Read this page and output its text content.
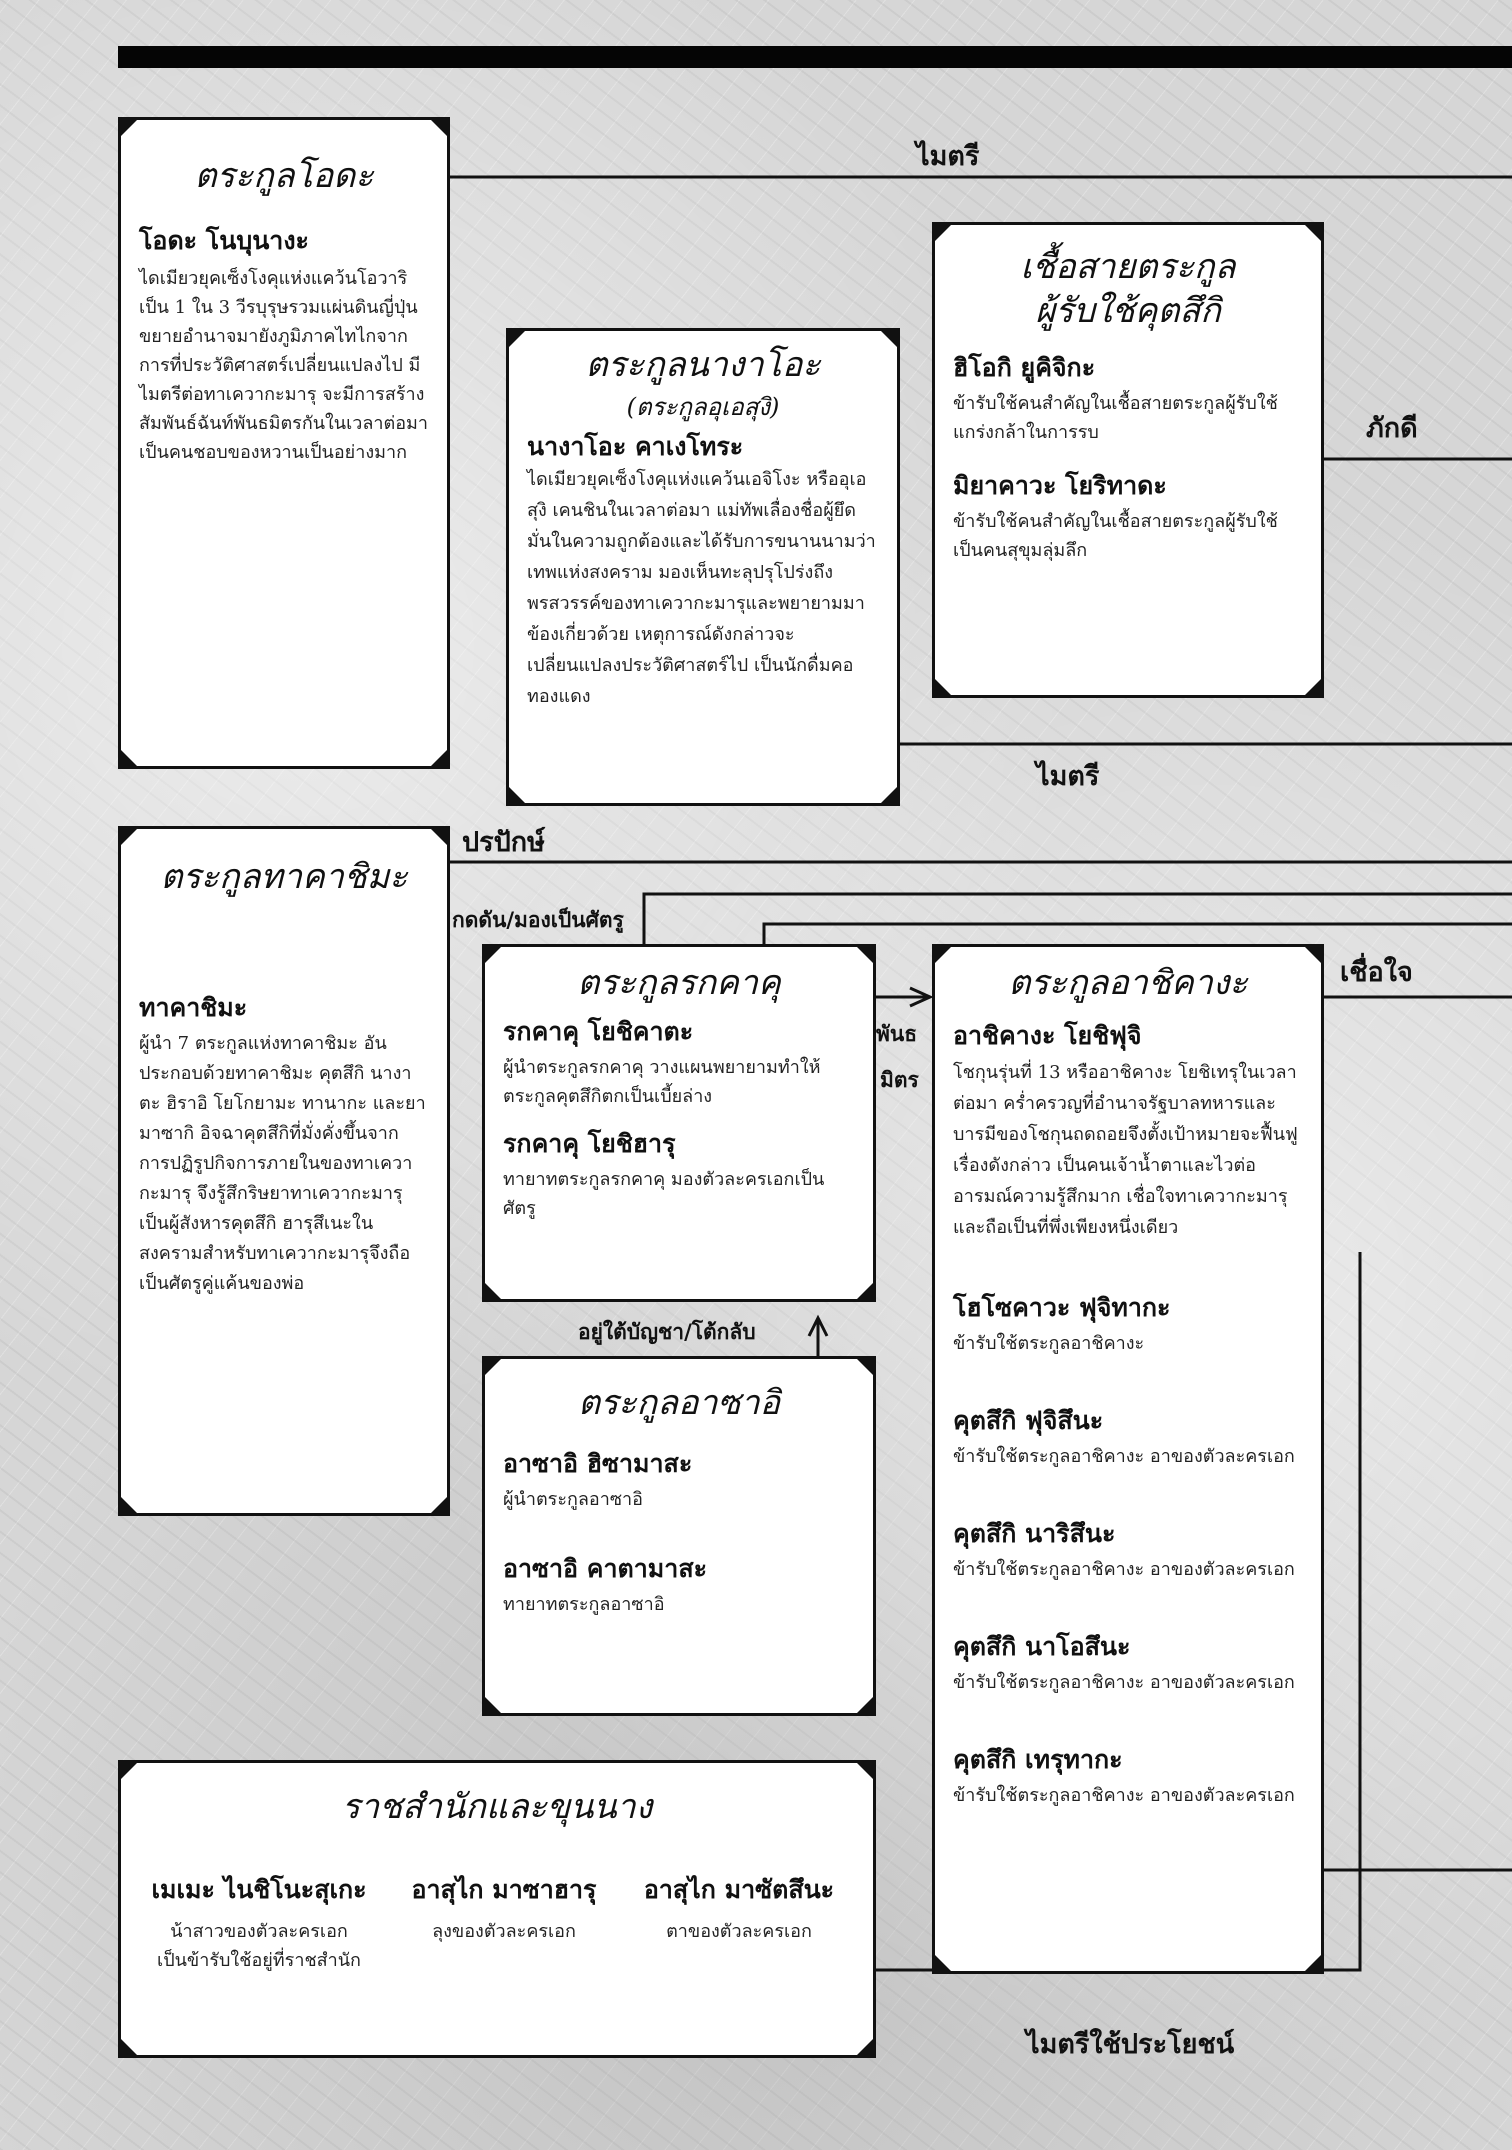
ตระกูลโอดะ

โอดะ โนบุนางะ

ไดเมียวยุคเซ็งโงคุแห่งแคว้นโอวาริ เป็น 1 ใน 3 วีรบุรุษรวมแผ่นดินญี่ปุ่น ขยายอำนาจมายังภูมิภาคไทไกจากการที่ประวัติศาสตร์เปลี่ยนแปลงไป มีไมตรีต่อทาเควากะมารุ จะมีการสร้างสัมพันธ์ฉันท์พันธมิตรกันในเวลาต่อมา เป็นคนชอบของหวานเป็นอย่างมาก

ตระกูลนางาโอะ

(ตระกูลอุเอสุงิ)

นางาโอะ คาเงโทระ

ไดเมียวยุคเซ็งโงคุแห่งแคว้นเอจิโงะ หรืออุเอสุงิ เคนชินในเวลาต่อมา แม่ทัพเลื่องชื่อผู้ยึดมั่นในความถูกต้องและได้รับการขนานนามว่าเทพแห่งสงคราม มองเห็นทะลุปรุโปร่งถึงพรสวรรค์ของทาเควากะมารุและพยายามมาข้องเกี่ยวด้วย เหตุการณ์ดังกล่าวจะเปลี่ยนแปลงประวัติศาสตร์ไป เป็นนักดื่มคอทองแดง

เชื้อสายตระกูล

ผู้รับใช้คุตสึกิ

ฮิโอกิ ยูคิจิกะ

ข้ารับใช้คนสำคัญในเชื้อสายตระกูลผู้รับใช้ แกร่งกล้าในการรบ

มิยาคาวะ โยริทาดะ

ข้ารับใช้คนสำคัญในเชื้อสายตระกูลผู้รับใช้ เป็นคนสุขุมลุ่มลึก

ตระกูลทาคาชิมะ

ทาคาชิมะ

ผู้นำ 7 ตระกูลแห่งทาคาชิมะ อันประกอบด้วยทาคาชิมะ คุตสึกิ นางาตะ ฮิราอิ โยโกยามะ ทานากะ และยามาซากิ อิจฉาคุตสึกิที่มั่งคั่งขึ้นจากการปฏิรูปกิจการภายในของทาเควากะมารุ จึงรู้สึกริษยาทาเควากะมารุเป็นผู้สังหารคุตสึกิ ฮารุสึเนะในสงครามสำหรับทาเควากะมารุจึงถือเป็นศัตรูคู่แค้นของพ่อ

ตระกูลรกคาคุ

รกคาคุ โยชิคาตะ

ผู้นำตระกูลรกคาคุ วางแผนพยายามทำให้ตระกูลคุตสึกิตกเป็นเบี้ยล่าง

รกคาคุ โยชิฮารุ

ทายาทตระกูลรกคาคุ มองตัวละครเอกเป็นศัตรู

ตระกูลอาชิคางะ

อาชิคางะ โยชิฟุจิ

โชกุนรุ่นที่ 13 หรืออาชิคางะ โยชิเทรุในเวลาต่อมา คร่ำครวญที่อำนาจรัฐบาลทหารและบารมีของโชกุนถดถอยจึงตั้งเป้าหมายจะฟื้นฟูเรื่องดังกล่าว เป็นคนเจ้าน้ำตาและไวต่ออารมณ์ความรู้สึกมาก เชื่อใจทาเควากะมารุและถือเป็นที่พึ่งเพียงหนึ่งเดียว

โฮโซคาวะ ฟุจิทากะ

ข้ารับใช้ตระกูลอาชิคางะ

คุตสึกิ ฟุจิสึนะ

ข้ารับใช้ตระกูลอาชิคางะ อาของตัวละครเอก

คุตสึกิ นาริสึนะ

ข้ารับใช้ตระกูลอาชิคางะ อาของตัวละครเอก

คุตสึกิ นาโอสึนะ

ข้ารับใช้ตระกูลอาชิคางะ อาของตัวละครเอก

คุตสึกิ เทรุทากะ

ข้ารับใช้ตระกูลอาชิคางะ อาของตัวละครเอก

ตระกูลอาซาอิ

อาซาอิ ฮิซามาสะ

ผู้นำตระกูลอาซาอิ

อาซาอิ คาตามาสะ

ทายาทตระกูลอาซาอิ

ราชสำนักและขุนนาง

เมเมะ ไนชิโนะสุเกะ

น้าสาวของตัวละครเอก

เป็นข้ารับใช้อยู่ที่ราชสำนัก

อาสุไก มาซาฮารุ

ลุงของตัวละครเอก

อาสุไก มาซัตสึนะ

ตาของตัวละครเอก

ไมตรี
ภักดี
ไมตรี
ปรปักษ์
กดดัน/มองเป็นศัตรู
เชื่อใจ
พันธ
มิตร
อยู่ใต้บัญชา/โต้กลับ
ไมตรีใช้ประโยชน์
